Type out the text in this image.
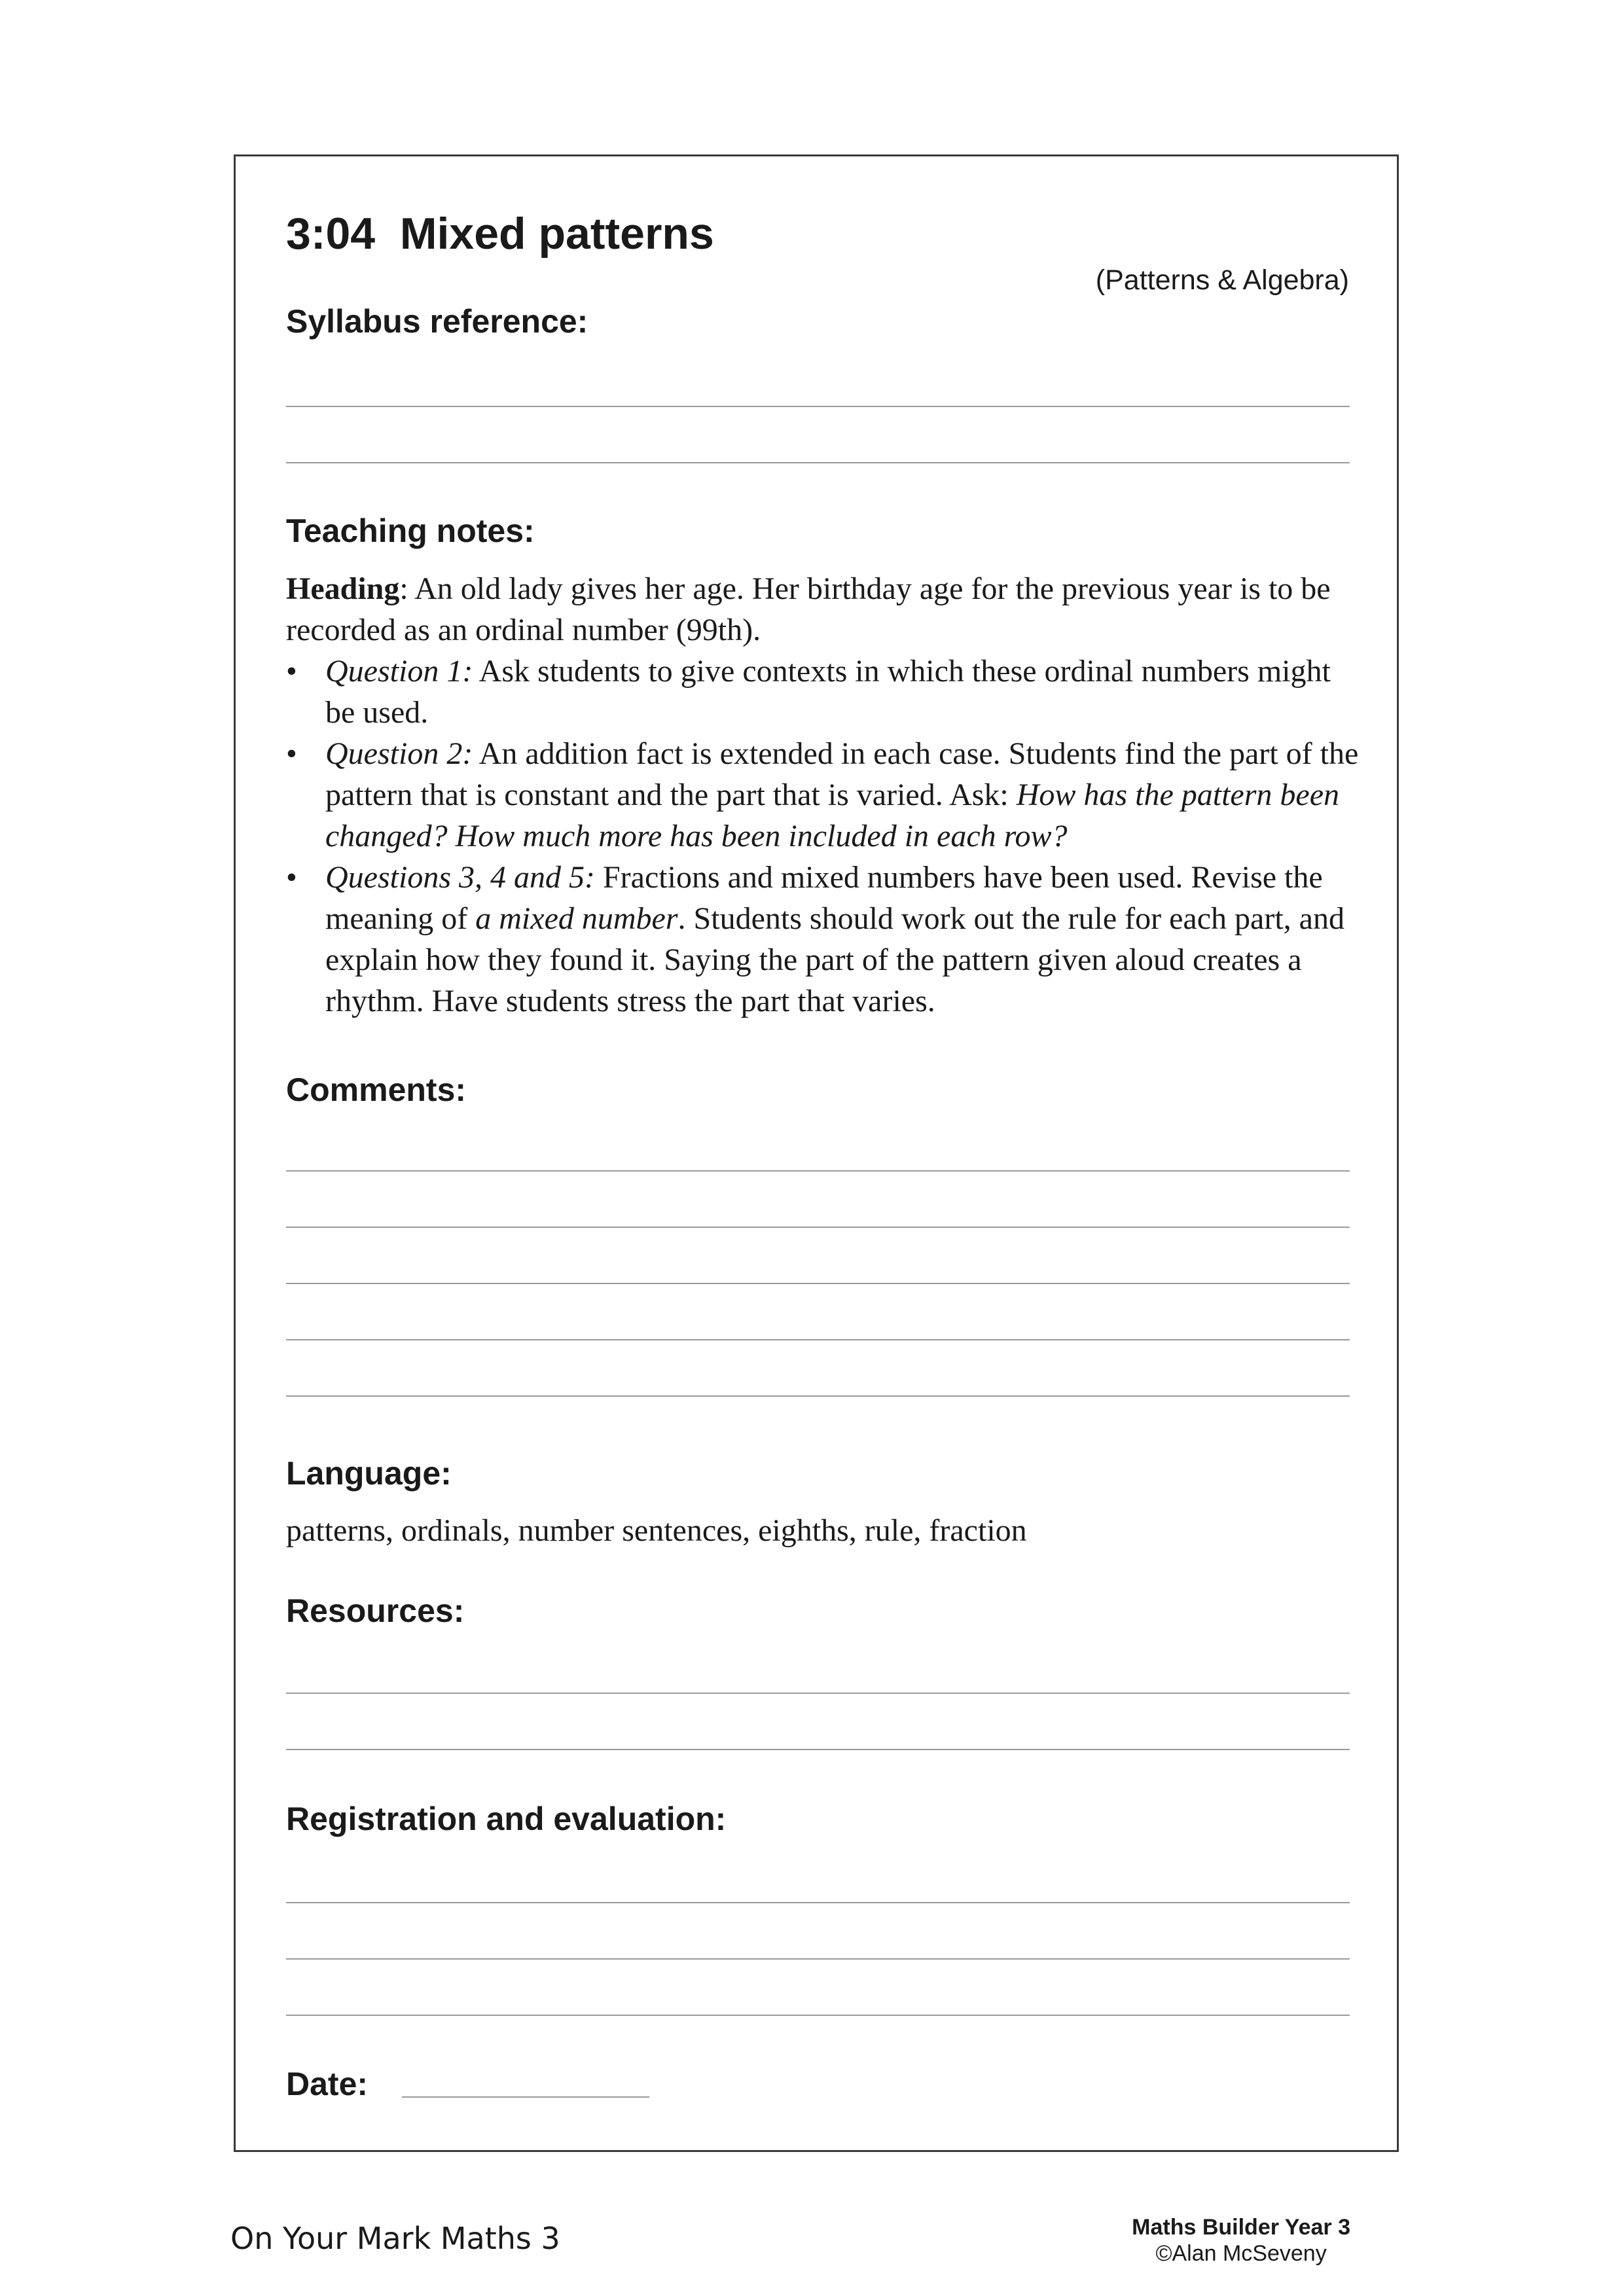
3:04  Mixed patterns
(Patterns & Algebra)
Syllabus reference:
Teaching notes:

Heading: An old lady gives her age. Her birthday age for the previous year is to be recorded as an ordinal number (99th).

• Question 1: Ask students to give contexts in which these ordinal numbers might be used.
• Question 2: An addition fact is extended in each case. Students find the part of the pattern that is constant and the part that is varied. Ask: How has the pattern been changed? How much more has been included in each row?
• Questions 3, 4 and 5: Fractions and mixed numbers have been used. Revise the meaning of a mixed number. Students should work out the rule for each part, and explain how they found it. Saying the part of the pattern given aloud creates a rhythm. Have students stress the part that varies.
Comments:
Language:
patterns, ordinals, number sentences, eighths, rule, fraction
Resources:
Registration and evaluation:
Date:
On Your Mark Maths 3	Maths Builder Year 3
©Alan McSeveny
